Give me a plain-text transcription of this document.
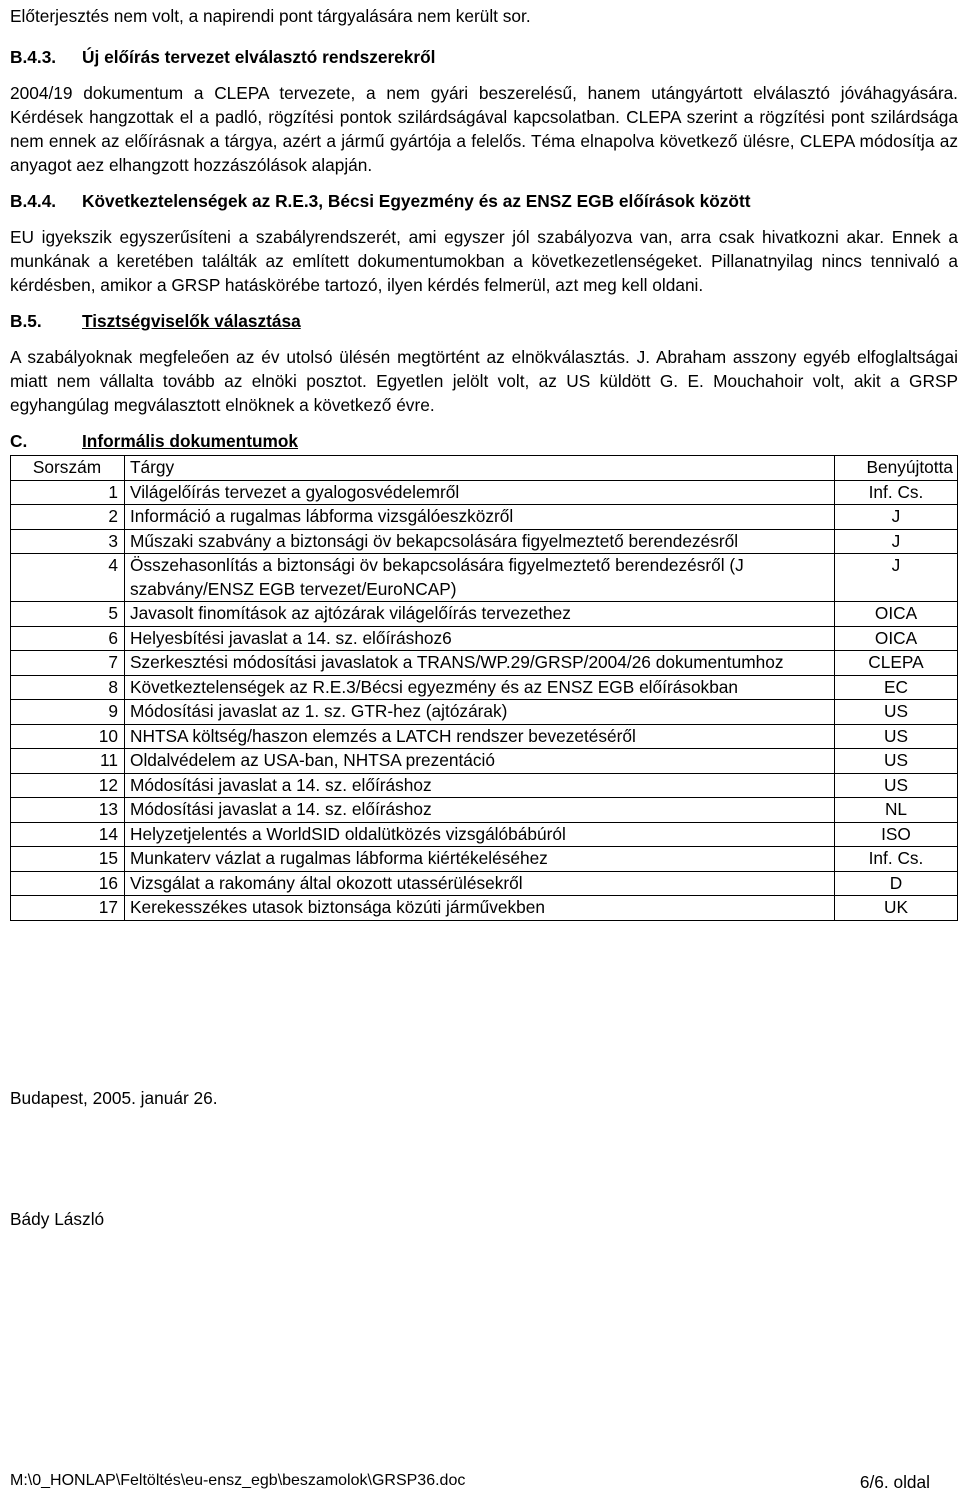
Előterjesztés nem volt, a napirendi pont tárgyalására nem került sor.

B.4.3.	Új előírás tervezet elválasztó rendszerekről

2004/19 dokumentum a CLEPA tervezete, a nem gyári beszerelésű, hanem utángyártott elválasztó jóváhagyására. Kérdések hangzottak el a padló, rögzítési pontok szilárdságával kapcsolatban. CLEPA szerint a rögzítési pont szilárdsága nem ennek az előírásnak a tárgya, azért a jármű gyártója a felelős. Téma elnapolva következő ülésre, CLEPA módosítja az anyagot aez elhangzott hozzászólások alapján.

B.4.4.	Következtelenségek az R.E.3, Bécsi Egyezmény és az ENSZ EGB előírások között

EU igyekszik egyszerűsíteni a szabályrendszerét, ami egyszer jól szabályozva van, arra csak hivatkozni akar. Ennek a munkának a keretében találták az említett dokumentumokban a következetlenségeket. Pillanatnyilag nincs tennivaló a kérdésben, amikor a GRSP hatáskörébe tartozó, ilyen kérdés felmerül, azt meg kell oldani.

B.5.	Tisztségviselők választása

A szabályoknak megfeleően az év utolsó ülésén megtörtént az elnökválasztás. J. Abraham asszony egyéb elfoglaltságai miatt nem vállalta tovább az elnöki posztot. Egyetlen jelölt volt, az US küldött G. E. Mouchahoir volt, akit a GRSP egyhangúlag megválasztott elnöknek a következő évre.

C.	Informális dokumentumok
Sorszám	Tárgy	Benyújtotta
1	Világelőírás tervezet a gyalogosvédelemről	Inf. Cs.
2	Információ a rugalmas lábforma vizsgálóeszközről	J
3	Műszaki szabvány a biztonsági öv bekapcsolására figyelmeztető berendezésről	J
4	Összehasonlítás a biztonsági öv bekapcsolására figyelmeztető berendezésről (J szabvány/ENSZ EGB tervezet/EuroNCAP)	J
5	Javasolt finomítások az ajtózárak világelőírás tervezethez	OICA
6	Helyesbítési javaslat a 14. sz. előíráshoz6	OICA
7	Szerkesztési módosítási javaslatok a TRANS/WP.29/GRSP/2004/26 dokumentumhoz	CLEPA
8	Következtelenségek az R.E.3/Bécsi egyezmény és az ENSZ EGB előírásokban	EC
9	Módosítási javaslat az 1. sz. GTR-hez (ajtózárak)	US
10	NHTSA költség/haszon elemzés a LATCH rendszer bevezetéséről	US
11	Oldalvédelem az USA-ban, NHTSA prezentáció	US
12	Módosítási javaslat a 14. sz. előíráshoz	US
13	Módosítási javaslat a 14. sz. előíráshoz	NL
14	Helyzetjelentés a WorldSID oldalütközés vizsgálóbábúról	ISO
15	Munkaterv vázlat a rugalmas lábforma kiértékeléséhez	Inf. Cs.
16	Vizsgálat a rakomány által okozott utassérülésekről	D
17	Kerekesszékes utasok biztonsága közúti járművekben	UK

Budapest, 2005. január 26.

Bády László

M:\0_HONLAP\Feltöltés\eu-ensz_egb\beszamolok\GRSP36.doc	6/6. oldal
